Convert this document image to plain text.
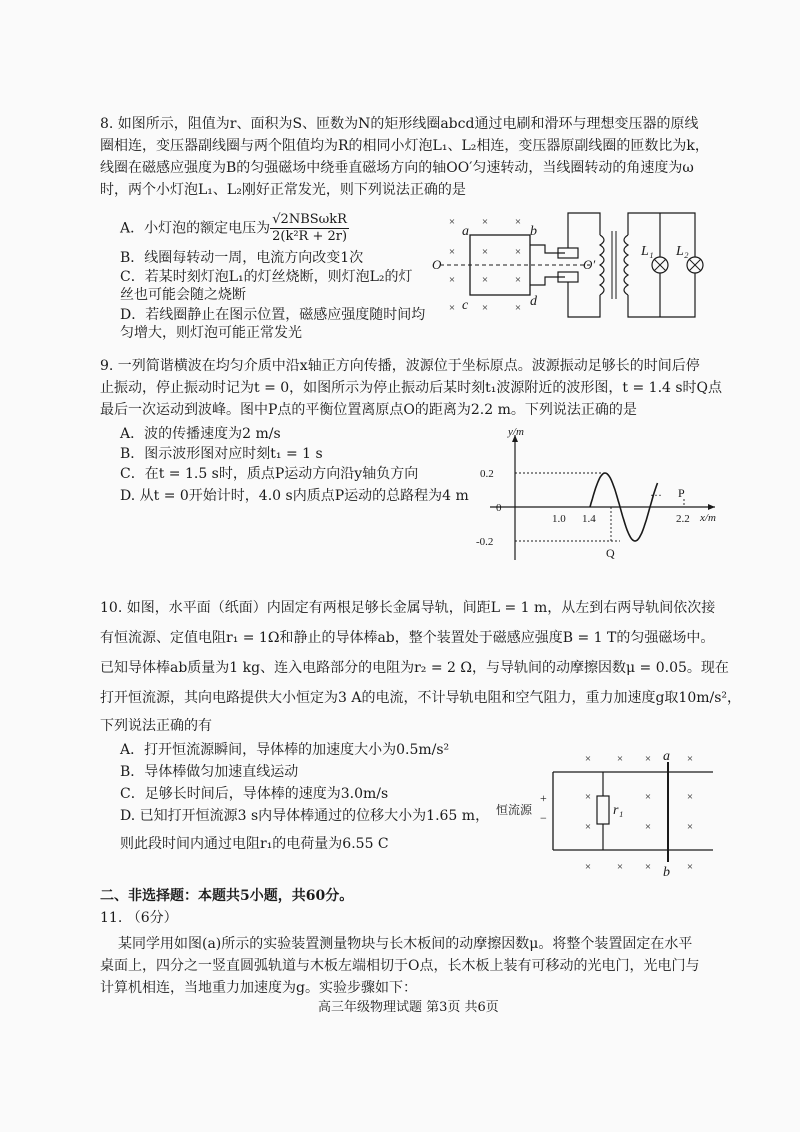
8. 如图所示，阻值为r、面积为S、匝数为N的矩形线圈abcd通过电刷和滑环与理想变压器的原线
圈相连，变压器副线圈与两个阻值均为R的相同小灯泡L₁、L₂相连，变压器原副线圈的匝数比为k，
线圈在磁感应强度为B的匀强磁场中绕垂直磁场方向的轴OO′匀速转动，当线圈转动的角速度为ω
时，两个小灯泡L₁、L₂刚好正常发光，则下列说法正确的是
A．小灯泡的额定电压为 $\frac{\text{√2NBSωkR}}{\text{2(k²R + 2r)}}$
B．线圈每转动一周，电流方向改变1次
C．若某时刻灯泡L₁的灯丝烧断，则灯泡L₂的灯
丝也可能会随之烧断
D．若线圈静止在图示位置，磁感应强度随时间均
匀增大，则灯泡可能正常发光
× × ×
× × ×
× × ×
× × ×
a	b
c	d
O	O′
L₁ L₂
9. 一列简谐横波在均匀介质中沿x轴正方向传播，波源位于坐标原点。波源振动足够长的时间后停
止振动，停止振动时记为t = 0，如图所示为停止振动后某时刻t₁波源附近的波形图，t = 1.4 s时Q点
最后一次运动到波峰。图中P点的平衡位置离原点O的距离为2.2 m。下列说法正确的是
A．波的传播速度为2 m/s
B．图示波形图对应时刻t₁ = 1 s
C．在t = 1.5 s时，质点P运动方向沿y轴负方向
D. 从t = 0开始计时，4.0 s内质点P运动的总路程为4 m
y/m
x/m
0.2
0
-0.2
1.0 1.4	2.2
··· P
Q
10. 如图，水平面（纸面）内固定有两根足够长金属导轨，间距L = 1 m，从左到右两导轨间依次接
有恒流源、定值电阻r₁ = 1Ω和静止的导体棒ab，整个装置处于磁感应强度B = 1 T的匀强磁场中。
已知导体棒ab质量为1 kg、连入电路部分的电阻为r₂ = 2 Ω，与导轨间的动摩擦因数μ = 0.05。现在
打开恒流源，其向电路提供大小恒定为3 A的电流，不计导轨电阻和空气阻力，重力加速度g取10m/s²，
下列说法正确的有
A．打开恒流源瞬间，导体棒的加速度大小为0.5m/s²
B．导体棒做匀加速直线运动
C．足够长时间后，导体棒的速度为3.0m/s
D. 已知打开恒流源3 s内导体棒通过的位移大小为1.65 m，
则此段时间内通过电阻r₁的电荷量为6.55 C
恒流源
+
−	r₁
a
b
× × ×	×
×	×	×
×	×	×
× × ×	×
二、非选择题：本题共5小题，共60分。
11. （6分）
某同学用如图(a)所示的实验装置测量物块与长木板间的动摩擦因数μ。将整个装置固定在水平
桌面上，四分之一竖直圆弧轨道与木板左端相切于O点，长木板上装有可移动的光电门，光电门与
计算机相连，当地重力加速度为g。实验步骤如下：
高三年级物理试题 第3页 共6页
